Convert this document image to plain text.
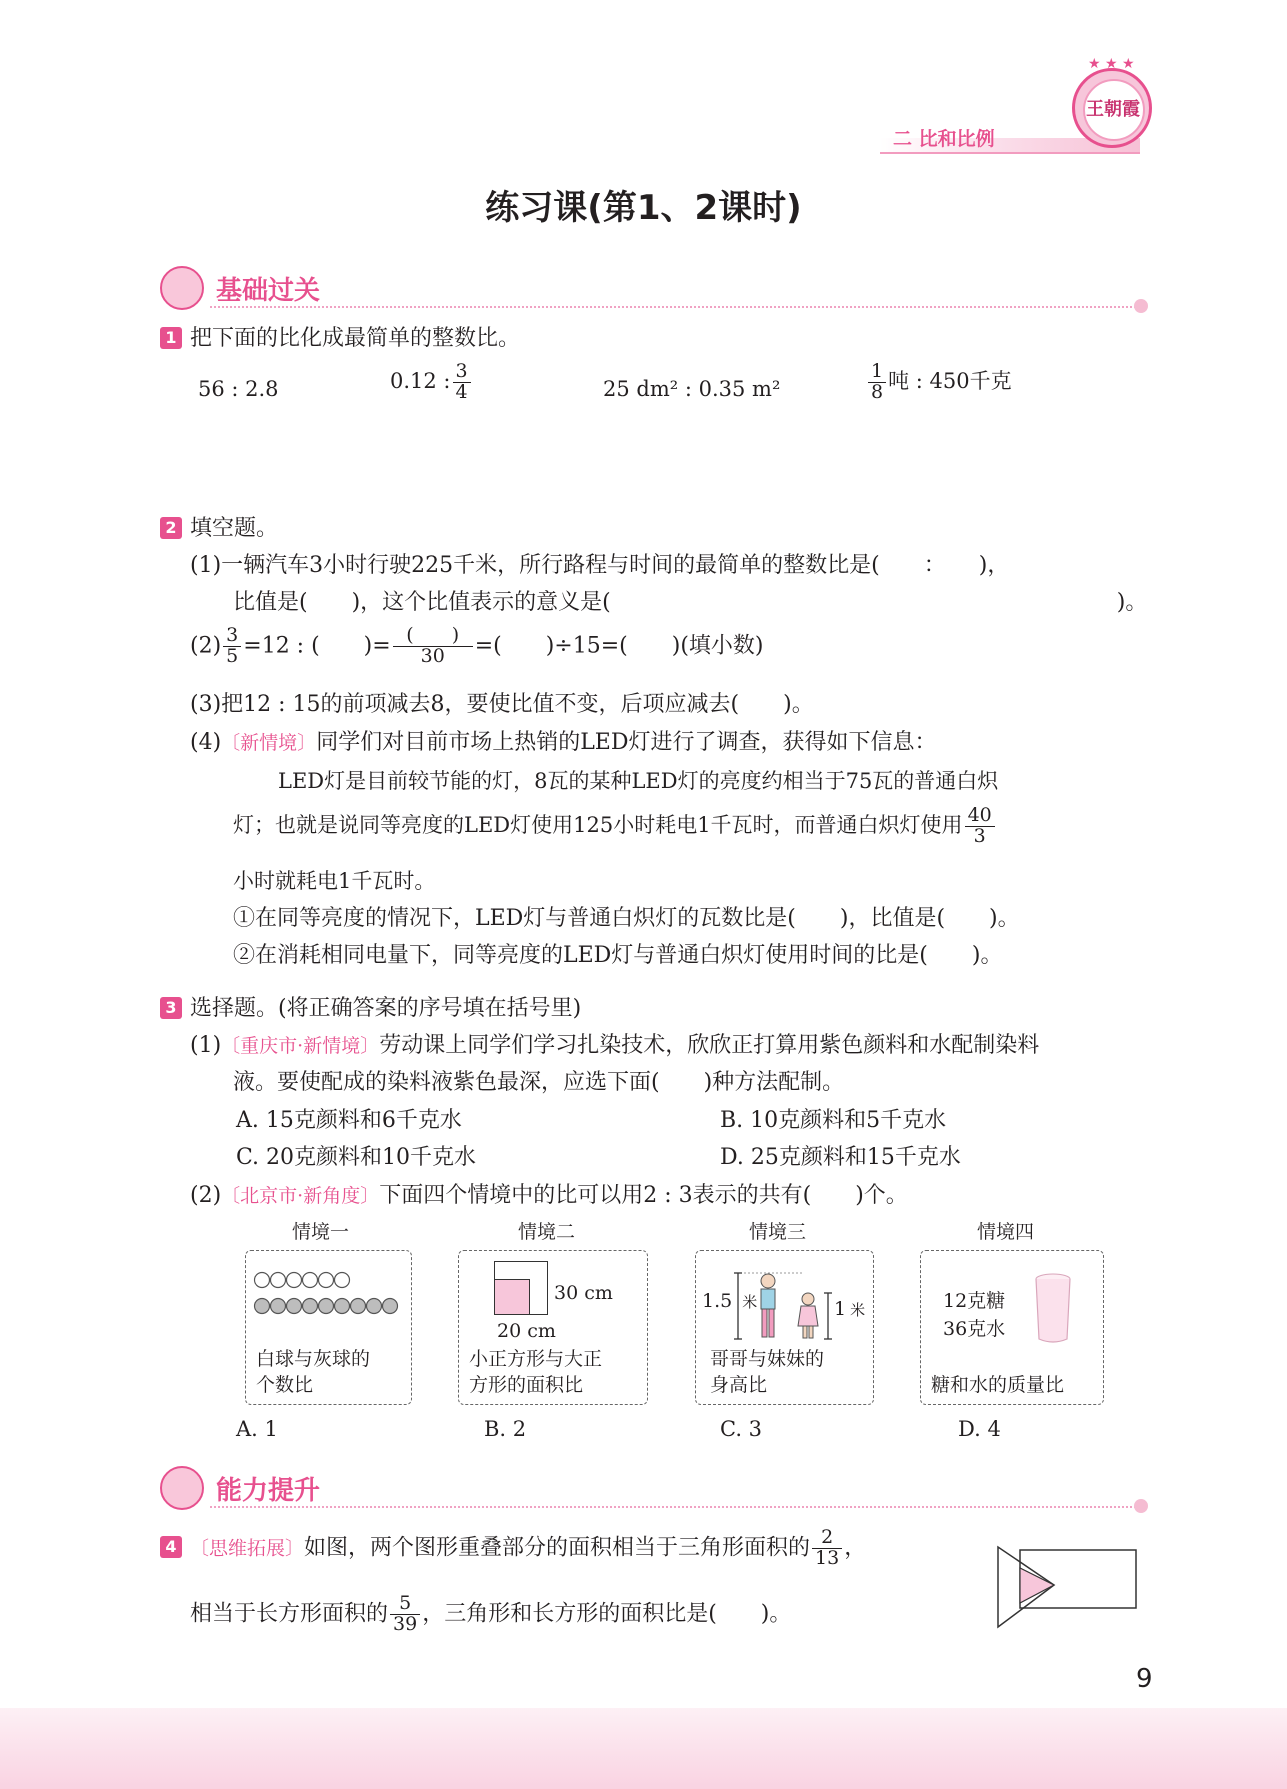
二 比和比例
王朝霞
★ ★ ★
练习课(第1、2课时)
基础过关
1 把下面的比化成最简单的整数比。
56 : 2.8	0.12 : $\frac{3}{4}$	25 dm² : 0.35 m²	$\frac{1}{8}$ 吨 : 450千克
2 填空题。
(1)一辆汽车3小时行驶225千米，所行路程与时间的最简单的整数比是(　　：　　)，
比值是(　　)，这个比值表示的意义是(　　　　　　　　　　　　　　　　　　　　　　　)。
$(2) \frac{3}{5} =12$ : (　　)= $\frac{( )}{30}$ =(　　)÷15=(　　)(填小数)
(3)把12 : 15的前项减去8，要使比值不变，后项应减去(　　)。
(4)〔新情境〕同学们对目前市场上热销的LED灯进行了调查，获得如下信息：
LED灯是目前较节能的灯，8瓦的某种LED灯的亮度约相当于75瓦的普通白炽
灯；也就是说同等亮度的LED灯使用125小时耗电1千瓦时，而普通白炽灯使用 $\frac{40}{3}$
小时就耗电1千瓦时。
①在同等亮度的情况下，LED灯与普通白炽灯的瓦数比是(　　)，比值是(　　)。
②在消耗相同电量下，同等亮度的LED灯与普通白炽灯使用时间的比是(　　)。
3 选择题。(将正确答案的序号填在括号里)
(1)〔重庆市·新情境〕劳动课上同学们学习扎染技术，欣欣正打算用紫色颜料和水配制染料
液。要使配成的染料液紫色最深，应选下面(　　)种方法配制。
A. 15克颜料和6千克水	B. 10克颜料和5千克水
C. 20克颜料和10千克水	D. 25克颜料和15千克水
(2)〔北京市·新角度〕下面四个情境中的比可以用2 : 3表示的共有(　　)个。
情境一	情境二	情境三	情境四
白球与灰球的
个数比
30 cm
20 cm
小正方形与大正
方形的面积比
1.5 米	1 米
哥哥与妹妹的
身高比
12克糖
36克水
糖和水的质量比
A. 1	B. 2	C. 3	D. 4
能力提升
4 〔思维拓展〕如图，两个图形重叠部分的面积相当于三角形面积的 $\frac{2}{13}$ ，
相当于长方形面积的 $\frac{5}{39}$ ，三角形和长方形的面积比是(　　)。
9
